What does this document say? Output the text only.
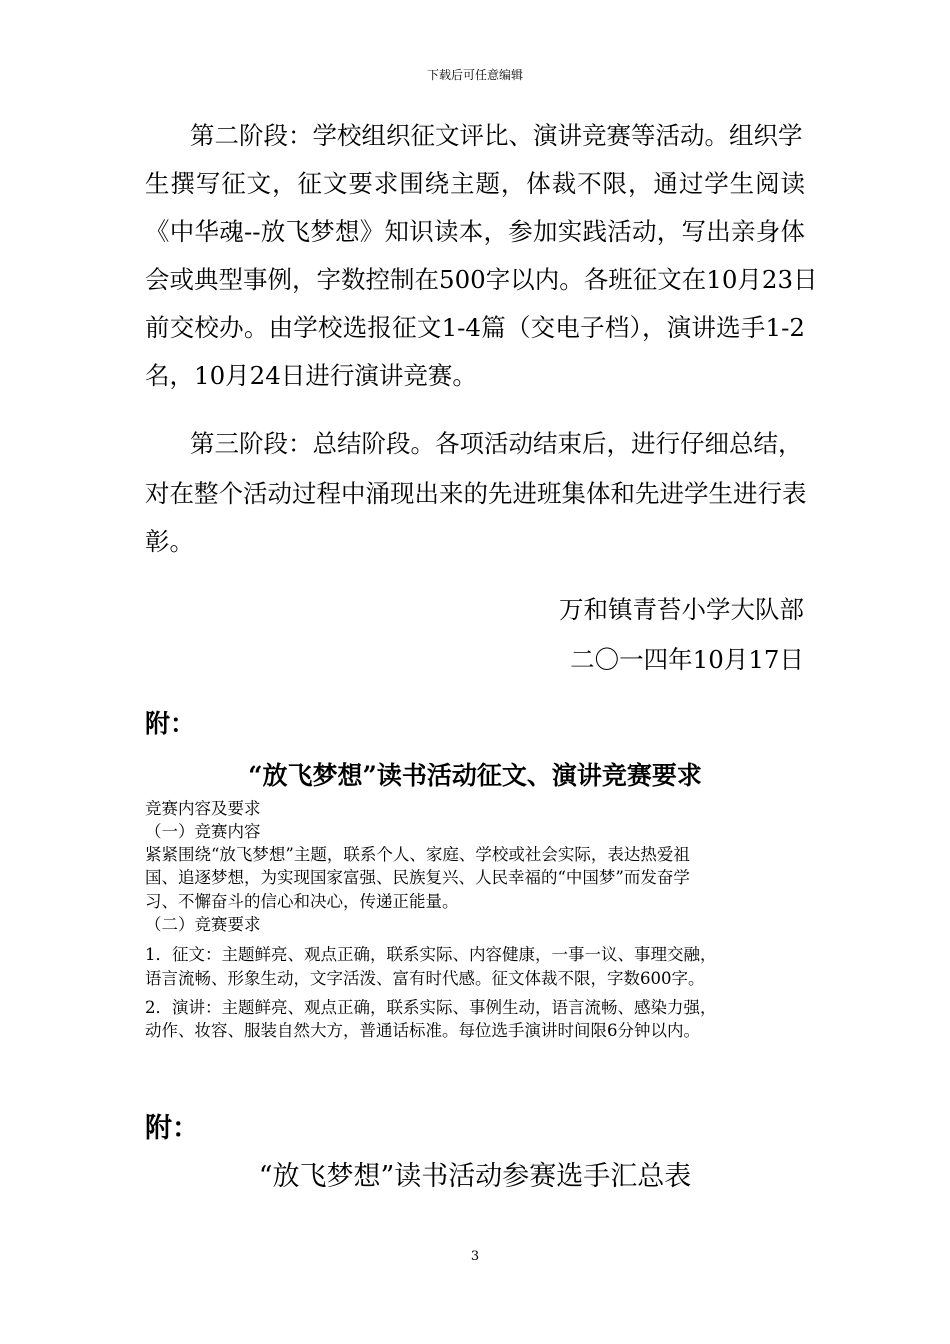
下载后可任意编辑
第二阶段：学校组织征文评比、演讲竞赛等活动。组织学
生撰写征文，征文要求围绕主题，体裁不限，通过学生阅读
《中华魂--放飞梦想》知识读本，参加实践活动，写出亲身体
会或典型事例，字数控制在500字以内。各班征文在10月23日
前交校办。由学校选报征文1-4篇（交电子档），演讲选手1-2
名，10月24日进行演讲竞赛。
第三阶段：总结阶段。各项活动结束后，进行仔细总结，
对在整个活动过程中涌现出来的先进班集体和先进学生进行表
彰。
万和镇青苔小学大队部
二〇一四年10月17日
附：
“放飞梦想”读书活动征文、演讲竞赛要求
竞赛内容及要求
（一）竞赛内容
紧紧围绕“放飞梦想”主题，联系个人、家庭、学校或社会实际，表达热爱祖
国、追逐梦想，为实现国家富强、民族复兴、人民幸福的“中国梦”而发奋学
习、不懈奋斗的信心和决心，传递正能量。
（二）竞赛要求
1．征文：主题鲜亮、观点正确，联系实际、内容健康，一事一议、事理交融，
语言流畅、形象生动，文字活泼、富有时代感。征文体裁不限，字数600字。
2．演讲：主题鲜亮、观点正确，联系实际、事例生动，语言流畅、感染力强，
动作、妆容、服装自然大方，普通话标准。每位选手演讲时间限6分钟以内。
附：
“放飞梦想”读书活动参赛选手汇总表
3
